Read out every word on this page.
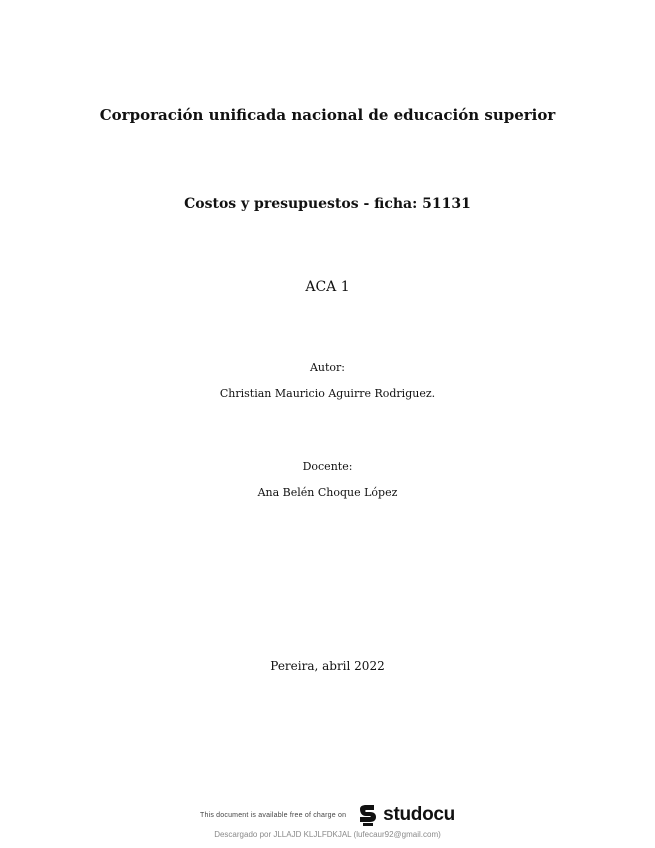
Corporación unificada nacional de educación superior
Costos y presupuestos - ficha: 51131
ACA 1
Autor:
Christian Mauricio Aguirre Rodriguez.
Docente:
Ana Belén Choque López
Pereira, abril 2022
This document is available free of charge on studocu
Descargado por JLLAJD KLJLFDKJAL (lufecaur92@gmail.com)
